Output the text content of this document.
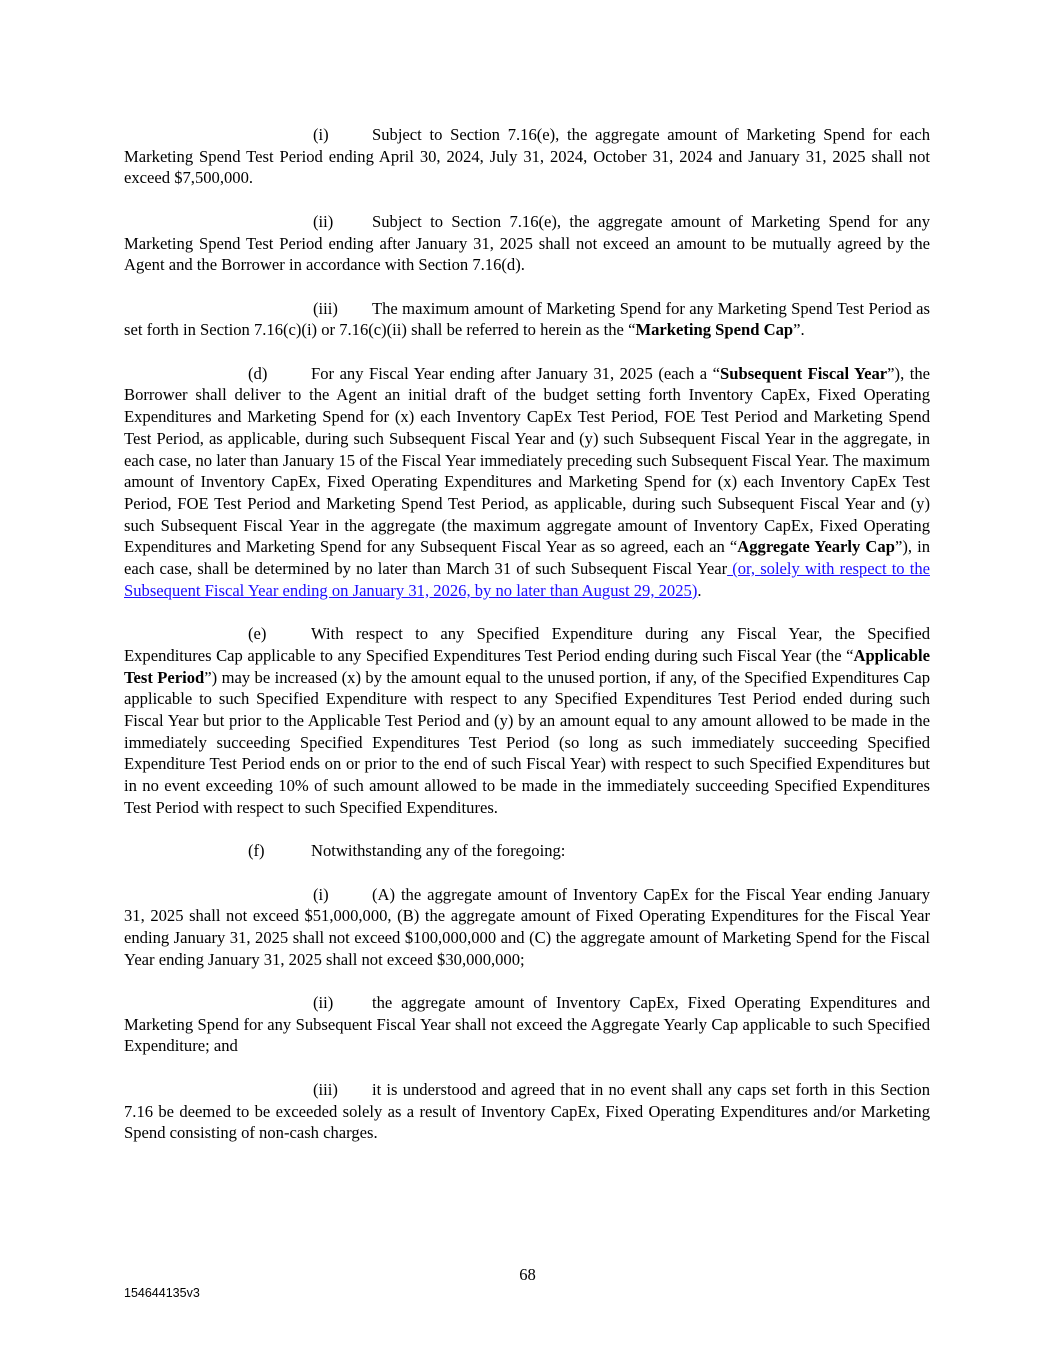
(i)	Subject to Section 7.16(e), the aggregate amount of Marketing Spend for each Marketing Spend Test Period ending April 30, 2024, July 31, 2024, October 31, 2024 and January 31, 2025 shall not exceed $7,500,000.

(ii) Subject to Section 7.16(e), the aggregate amount of Marketing Spend for any Marketing Spend Test Period ending after January 31, 2025 shall not exceed an amount to be mutually agreed by the Agent and the Borrower in accordance with Section 7.16(d).

(iii) The maximum amount of Marketing Spend for any Marketing Spend Test Period as set forth in Section 7.16(c)(i) or 7.16(c)(ii) shall be referred to herein as the “Marketing Spend Cap”.

(d)	For any Fiscal Year ending after January 31, 2025 (each a “Subsequent Fiscal Year”), the Borrower shall deliver to the Agent an initial draft of the budget setting forth Inventory CapEx, Fixed Operating Expenditures and Marketing Spend for (x) each Inventory CapEx Test Period, FOE Test Period and Marketing Spend Test Period, as applicable, during such Subsequent Fiscal Year and (y) such Subsequent Fiscal Year in the aggregate, in each case, no later than January 15 of the Fiscal Year immediately preceding such Subsequent Fiscal Year. The maximum amount of Inventory CapEx, Fixed Operating Expenditures and Marketing Spend for (x) each Inventory CapEx Test Period, FOE Test Period and Marketing Spend Test Period, as applicable, during such Subsequent Fiscal Year and (y) such Subsequent Fiscal Year in the aggregate (the maximum aggregate amount of Inventory CapEx, Fixed Operating Expenditures and Marketing Spend for any Subsequent Fiscal Year as so agreed, each an “Aggregate Yearly Cap”), in each case, shall be determined by no later than March 31 of such Subsequent Fiscal Year (or, solely with respect to the Subsequent Fiscal Year ending on January 31, 2026, by no later than August 29, 2025).

(e)	With respect to any Specified Expenditure during any Fiscal Year, the Specified Expenditures Cap applicable to any Specified Expenditures Test Period ending during such Fiscal Year (the “Applicable Test Period”) may be increased (x) by the amount equal to the unused portion, if any, of the Specified Expenditures Cap applicable to such Specified Expenditure with respect to any Specified Expenditures Test Period ended during such Fiscal Year but prior to the Applicable Test Period and (y) by an amount equal to any amount allowed to be made in the immediately succeeding Specified Expenditures Test Period (so long as such immediately succeeding Specified Expenditure Test Period ends on or prior to the end of such Fiscal Year) with respect to such Specified Expenditures but in no event exceeding 10% of such amount allowed to be made in the immediately succeeding Specified Expenditures Test Period with respect to such Specified Expenditures.

(f)	Notwithstanding any of the foregoing:

(i)	(A) the aggregate amount of Inventory CapEx for the Fiscal Year ending January 31, 2025 shall not exceed $51,000,000, (B) the aggregate amount of Fixed Operating Expenditures for the Fiscal Year ending January 31, 2025 shall not exceed $100,000,000 and (C) the aggregate amount of Marketing Spend for the Fiscal Year ending January 31, 2025 shall not exceed $30,000,000;

(ii) the aggregate amount of Inventory CapEx, Fixed Operating Expenditures and Marketing Spend for any Subsequent Fiscal Year shall not exceed the Aggregate Yearly Cap applicable to such Specified Expenditure; and

(iii) it is understood and agreed that in no event shall any caps set forth in this Section 7.16 be deemed to be exceeded solely as a result of Inventory CapEx, Fixed Operating Expenditures and/or Marketing Spend consisting of non-cash charges.

68
154644135v3
